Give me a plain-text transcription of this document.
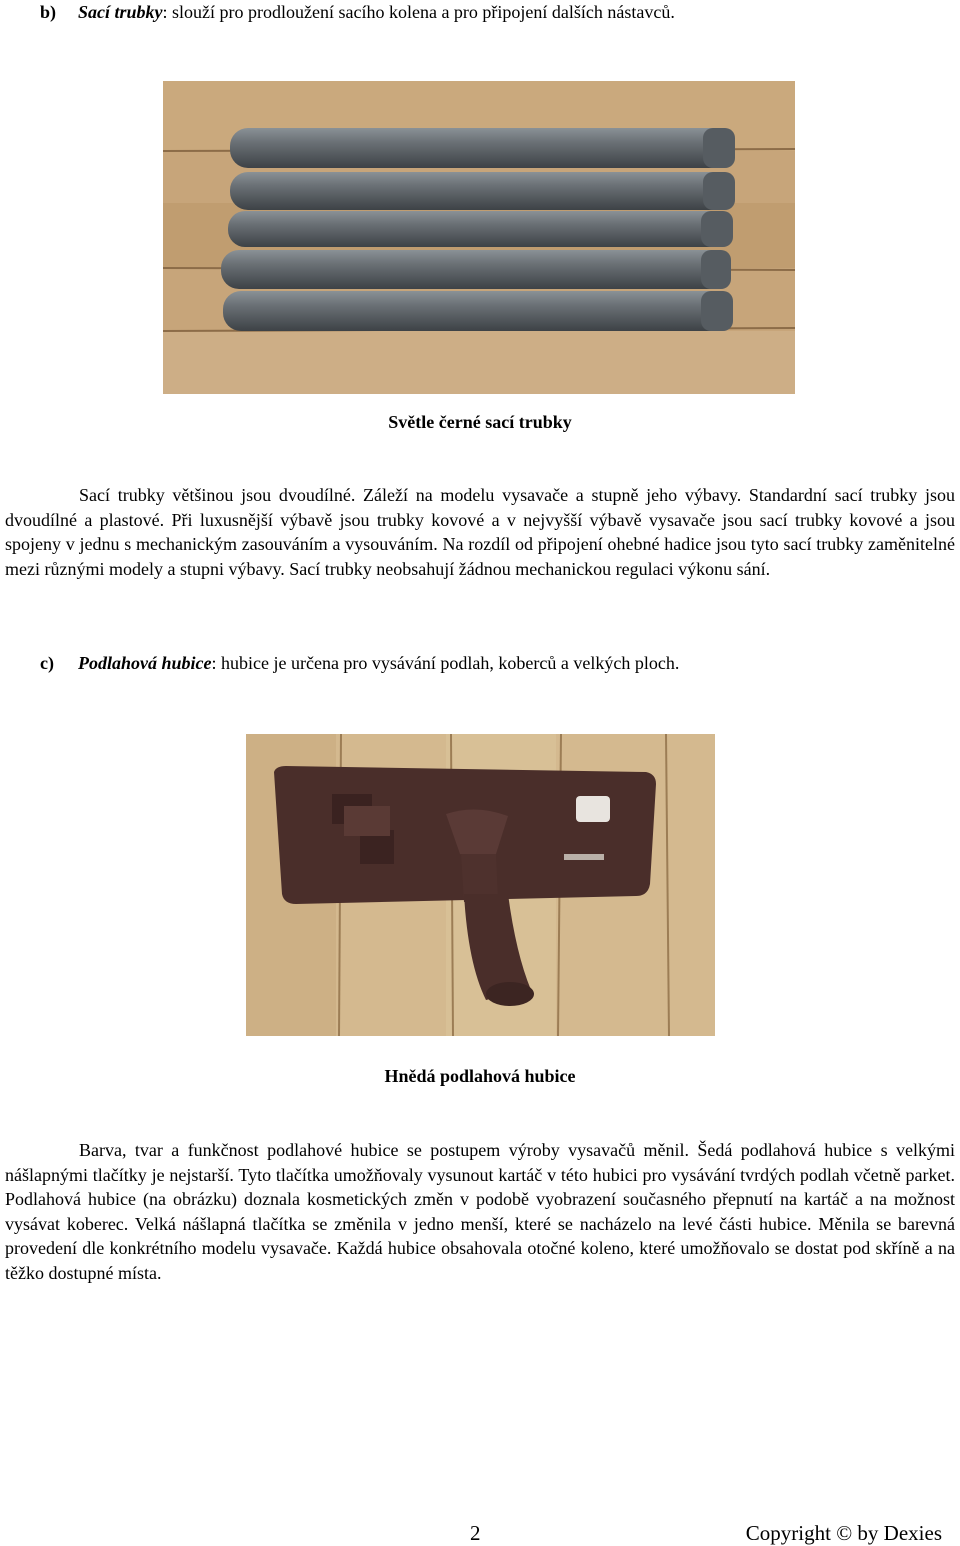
b) Sací trubky: slouží pro prodloužení sacího kolena a pro připojení dalších nástavců.
Světle černé sací trubky

Sací trubky většinou jsou dvoudílné. Záleží na modelu vysavače a stupně jeho výbavy. Standardní sací trubky jsou dvoudílné a plastové. Při luxusnější výbavě jsou trubky kovové a v nejvyšší výbavě vysavače jsou sací trubky kovové a jsou spojeny v jednu s mechanickým zasouváním a vysouváním. Na rozdíl od připojení ohebné hadice jsou tyto sací trubky zaměnitelné mezi různými modely a stupni výbavy. Sací trubky neobsahují žádnou mechanickou regulaci výkonu sání.

c) Podlahová hubice: hubice je určena pro vysávání podlah, koberců a velkých ploch.
Hnědá podlahová hubice

Barva, tvar a funkčnost podlahové hubice se postupem výroby vysavačů měnil. Šedá podlahová hubice s velkými nášlapnými tlačítky je nejstarší. Tyto tlačítka umožňovaly vysunout kartáč v této hubici pro vysávání tvrdých podlah včetně parket. Podlahová hubice (na obrázku) doznala kosmetických změn v podobě vyobrazení současného přepnutí na kartáč a na možnost vysávat koberec. Velká nášlapná tlačítka se změnila v jedno menší, které se nacházelo na levé části hubice. Měnila se barevná provedení dle konkrétního modelu vysavače. Každá hubice obsahovala otočné koleno, které umožňovalo se dostat pod skříně a na těžko dostupné místa.

2	Copyright © by Dexies
